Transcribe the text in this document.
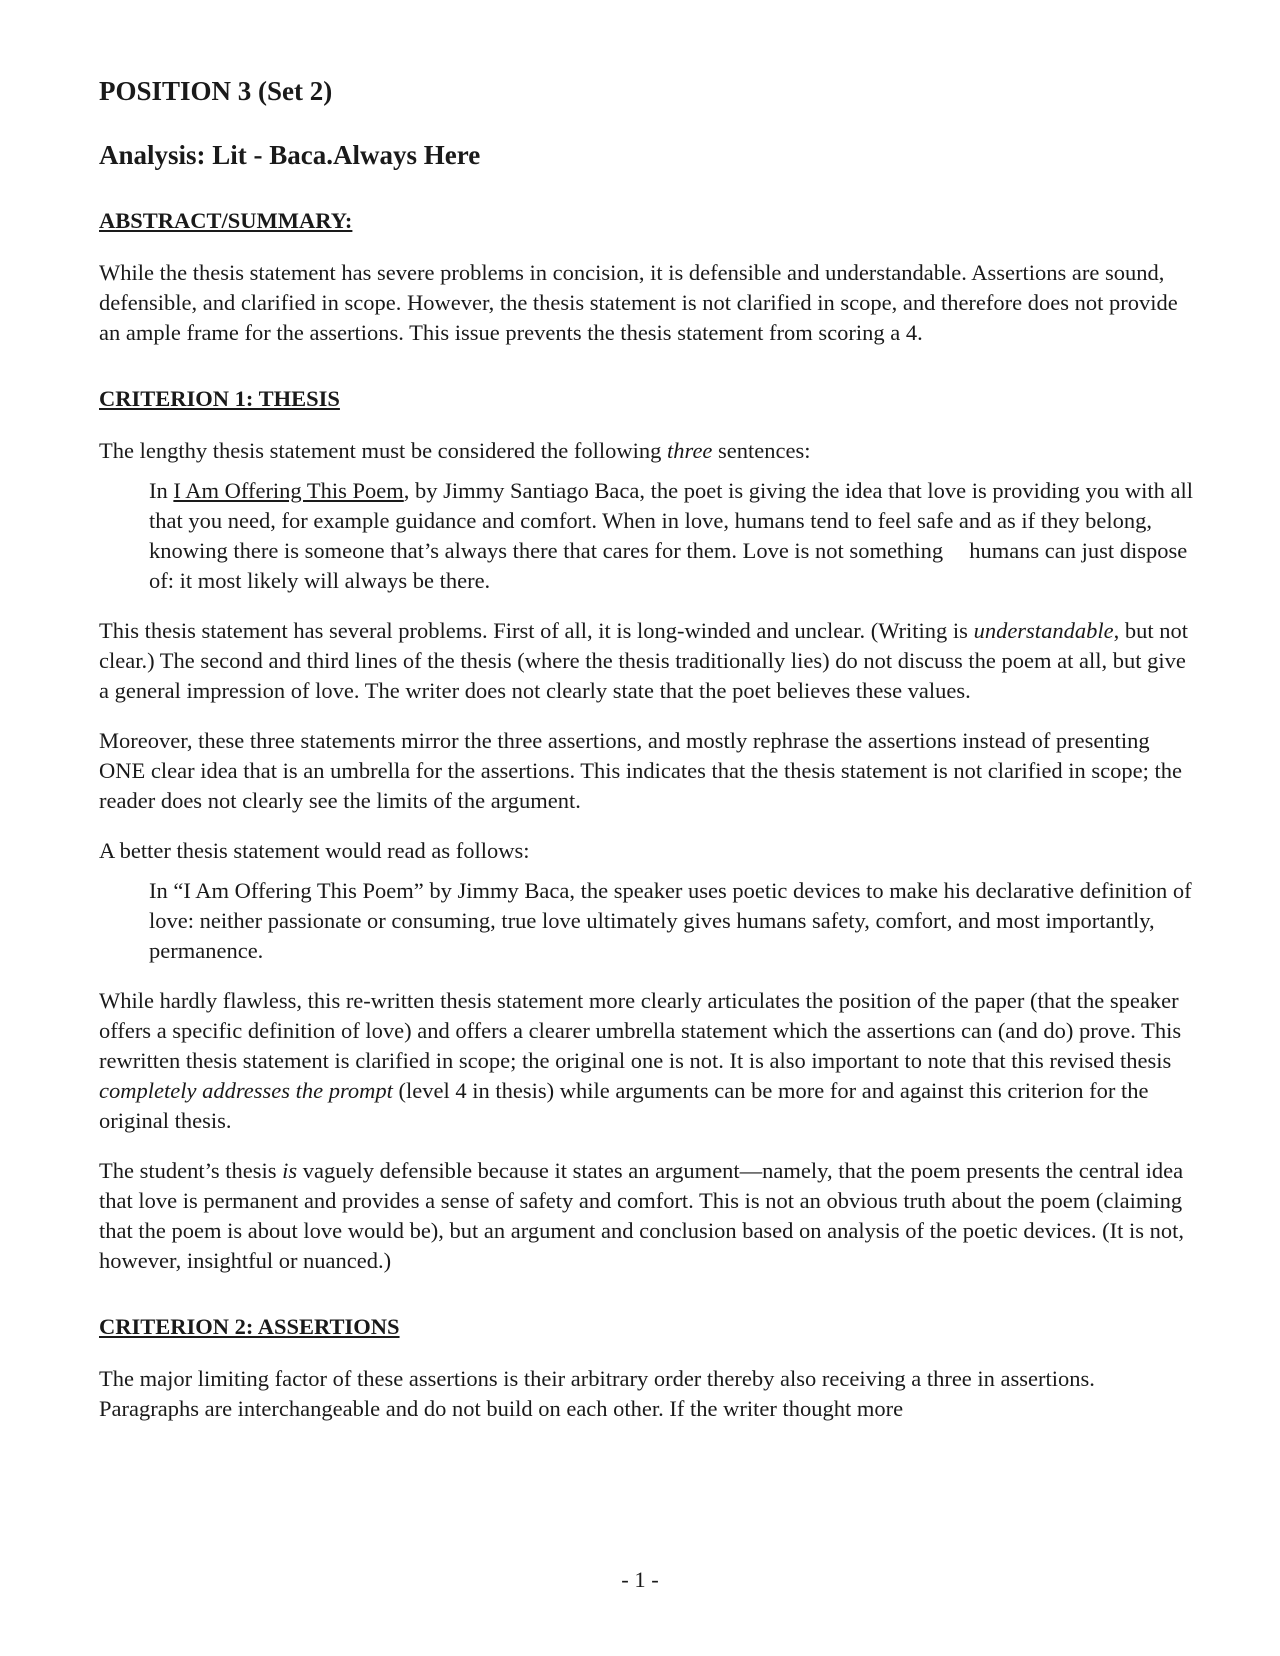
POSITION 3 (Set 2)
Analysis: Lit - Baca.Always Here
ABSTRACT/SUMMARY:

While the thesis statement has severe problems in concision, it is defensible and understandable. Assertions are sound, defensible, and clarified in scope. However, the thesis statement is not clarified in scope, and therefore does not provide an ample frame for the assertions. This issue prevents the thesis statement from scoring a 4.

CRITERION 1: THESIS

The lengthy thesis statement must be considered the following three sentences:

In I Am Offering This Poem, by Jimmy Santiago Baca, the poet is giving the idea that love is providing you with all that you need, for example guidance and comfort. When in love, humans tend to feel safe and as if they belong, knowing there is someone that’s always there that cares for them. Love is not something humans can just dispose of: it most likely will always be there.

This thesis statement has several problems. First of all, it is long-winded and unclear. (Writing is understandable, but not clear.) The second and third lines of the thesis (where the thesis traditionally lies) do not discuss the poem at all, but give a general impression of love. The writer does not clearly state that the poet believes these values.

Moreover, these three statements mirror the three assertions, and mostly rephrase the assertions instead of presenting ONE clear idea that is an umbrella for the assertions. This indicates that the thesis statement is not clarified in scope; the reader does not clearly see the limits of the argument.

A better thesis statement would read as follows:

In “I Am Offering This Poem” by Jimmy Baca, the speaker uses poetic devices to make his declarative definition of love: neither passionate or consuming, true love ultimately gives humans safety, comfort, and most importantly, permanence.

While hardly flawless, this re-written thesis statement more clearly articulates the position of the paper (that the speaker offers a specific definition of love) and offers a clearer umbrella statement which the assertions can (and do) prove. This rewritten thesis statement is clarified in scope; the original one is not. It is also important to note that this revised thesis completely addresses the prompt (level 4 in thesis) while arguments can be more for and against this criterion for the original thesis.

The student’s thesis is vaguely defensible because it states an argument—namely, that the poem presents the central idea that love is permanent and provides a sense of safety and comfort. This is not an obvious truth about the poem (claiming that the poem is about love would be), but an argument and conclusion based on analysis of the poetic devices. (It is not, however, insightful or nuanced.)

CRITERION 2: ASSERTIONS

The major limiting factor of these assertions is their arbitrary order thereby also receiving a three in assertions. Paragraphs are interchangeable and do not build on each other. If the writer thought more

- 1 -
